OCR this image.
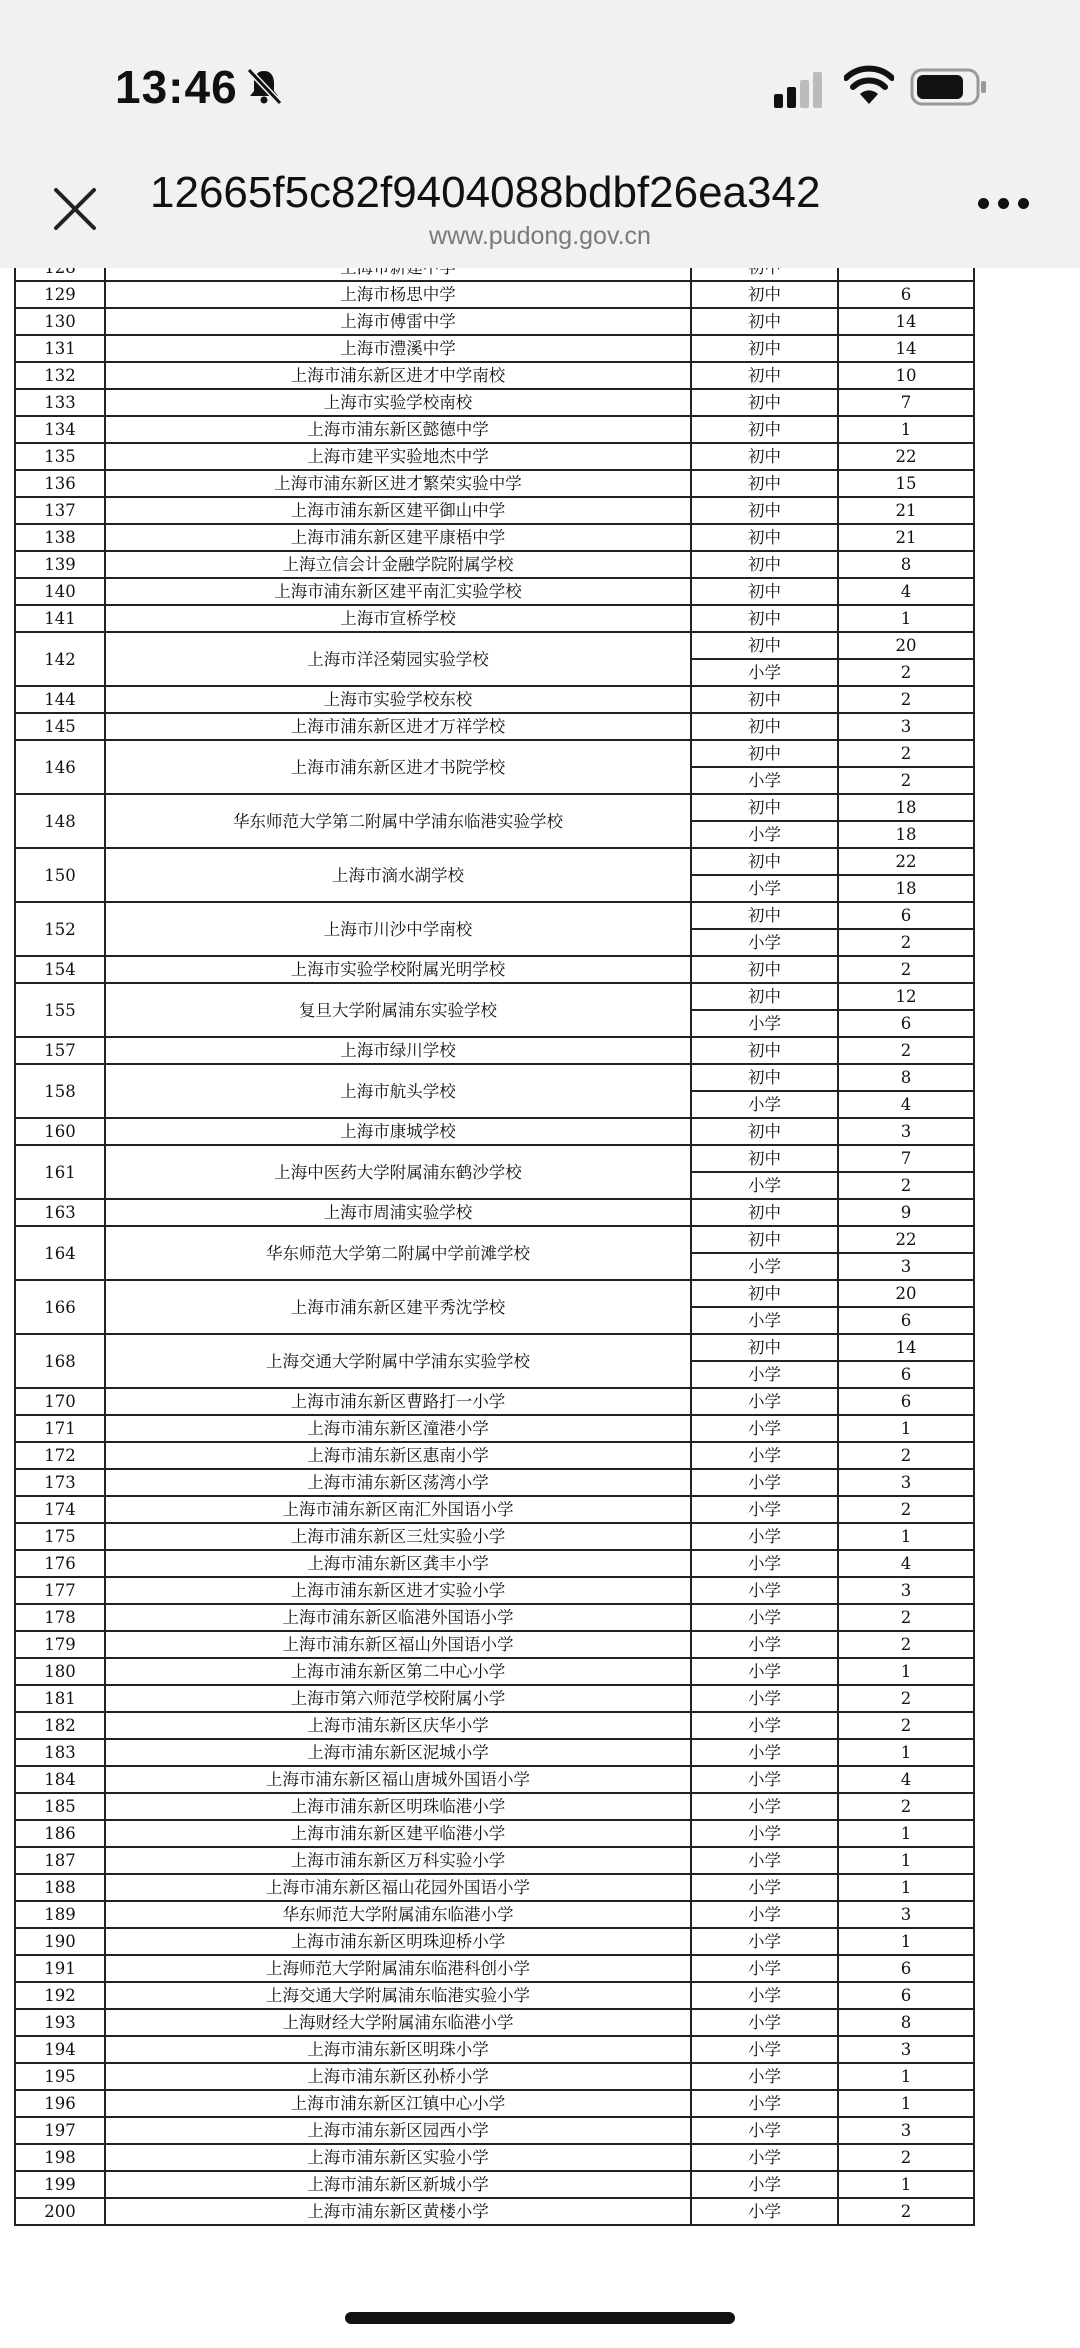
129	上海市杨思中学	初中	6
130	上海市傅雷中学	初中	14
131	上海市澧溪中学	初中	14
132	上海市浦东新区进才中学南校	初中	10
133	上海市实验学校南校	初中	7
134	上海市浦东新区懿德中学	初中	1
135	上海市建平实验地杰中学	初中	22
136	上海市浦东新区进才繁荣实验中学	初中	15
137	上海市浦东新区建平御山中学	初中	21
138	上海市浦东新区建平康梧中学	初中	21
139	上海立信会计金融学院附属学校	初中	8
140	上海市浦东新区建平南汇实验学校	初中	4
141	上海市宣桥学校	初中	1
142	上海市洋泾菊园实验学校	初中	20
		小学	2
144	上海市实验学校东校	初中	2
145	上海市浦东新区进才万祥学校	初中	3
146	上海市浦东新区进才书院学校	初中	2
		小学	2
148	华东师范大学第二附属中学浦东临港实验学校	初中	18
		小学	18
150	上海市滴水湖学校	初中	22
		小学	18
152	上海市川沙中学南校	初中	6
		小学	2
154	上海市实验学校附属光明学校	初中	2
155	复旦大学附属浦东实验学校	初中	12
		小学	6
157	上海市绿川学校	初中	2
158	上海市航头学校	初中	8
		小学	4
160	上海市康城学校	初中	3
161	上海中医药大学附属浦东鹤沙学校	初中	7
		小学	2
163	上海市周浦实验学校	初中	9
164	华东师范大学第二附属中学前滩学校	初中	22
		小学	3
166	上海市浦东新区建平秀沈学校	初中	20
		小学	6
168	上海交通大学附属中学浦东实验学校	初中	14
		小学	6
170	上海市浦东新区曹路打一小学	小学	6
171	上海市浦东新区潼港小学	小学	1
172	上海市浦东新区惠南小学	小学	2
173	上海市浦东新区荡湾小学	小学	3
174	上海市浦东新区南汇外国语小学	小学	2
175	上海市浦东新区三灶实验小学	小学	1
176	上海市浦东新区龚丰小学	小学	4
177	上海市浦东新区进才实验小学	小学	3
178	上海市浦东新区临港外国语小学	小学	2
179	上海市浦东新区福山外国语小学	小学	2
180	上海市浦东新区第二中心小学	小学	1
181	上海市第六师范学校附属小学	小学	2
182	上海市浦东新区庆华小学	小学	2
183	上海市浦东新区泥城小学	小学	1
184	上海市浦东新区福山唐城外国语小学	小学	4
185	上海市浦东新区明珠临港小学	小学	2
186	上海市浦东新区建平临港小学	小学	1
187	上海市浦东新区万科实验小学	小学	1
188	上海市浦东新区福山花园外国语小学	小学	1
189	华东师范大学附属浦东临港小学	小学	3
190	上海市浦东新区明珠迎桥小学	小学	1
191	上海师范大学附属浦东临港科创小学	小学	6
192	上海交通大学附属浦东临港实验小学	小学	6
193	上海财经大学附属浦东临港小学	小学	8
194	上海市浦东新区明珠小学	小学	3
195	上海市浦东新区孙桥小学	小学	1
196	上海市浦东新区江镇中心小学	小学	1
197	上海市浦东新区园西小学	小学	3
198	上海市浦东新区实验小学	小学	2
199	上海市浦东新区新城小学	小学	1
200	上海市浦东新区黄楼小学	小学	2
13:46
12665f5c82f9404088bdbf26ea342
www.pudong.gov.cn
